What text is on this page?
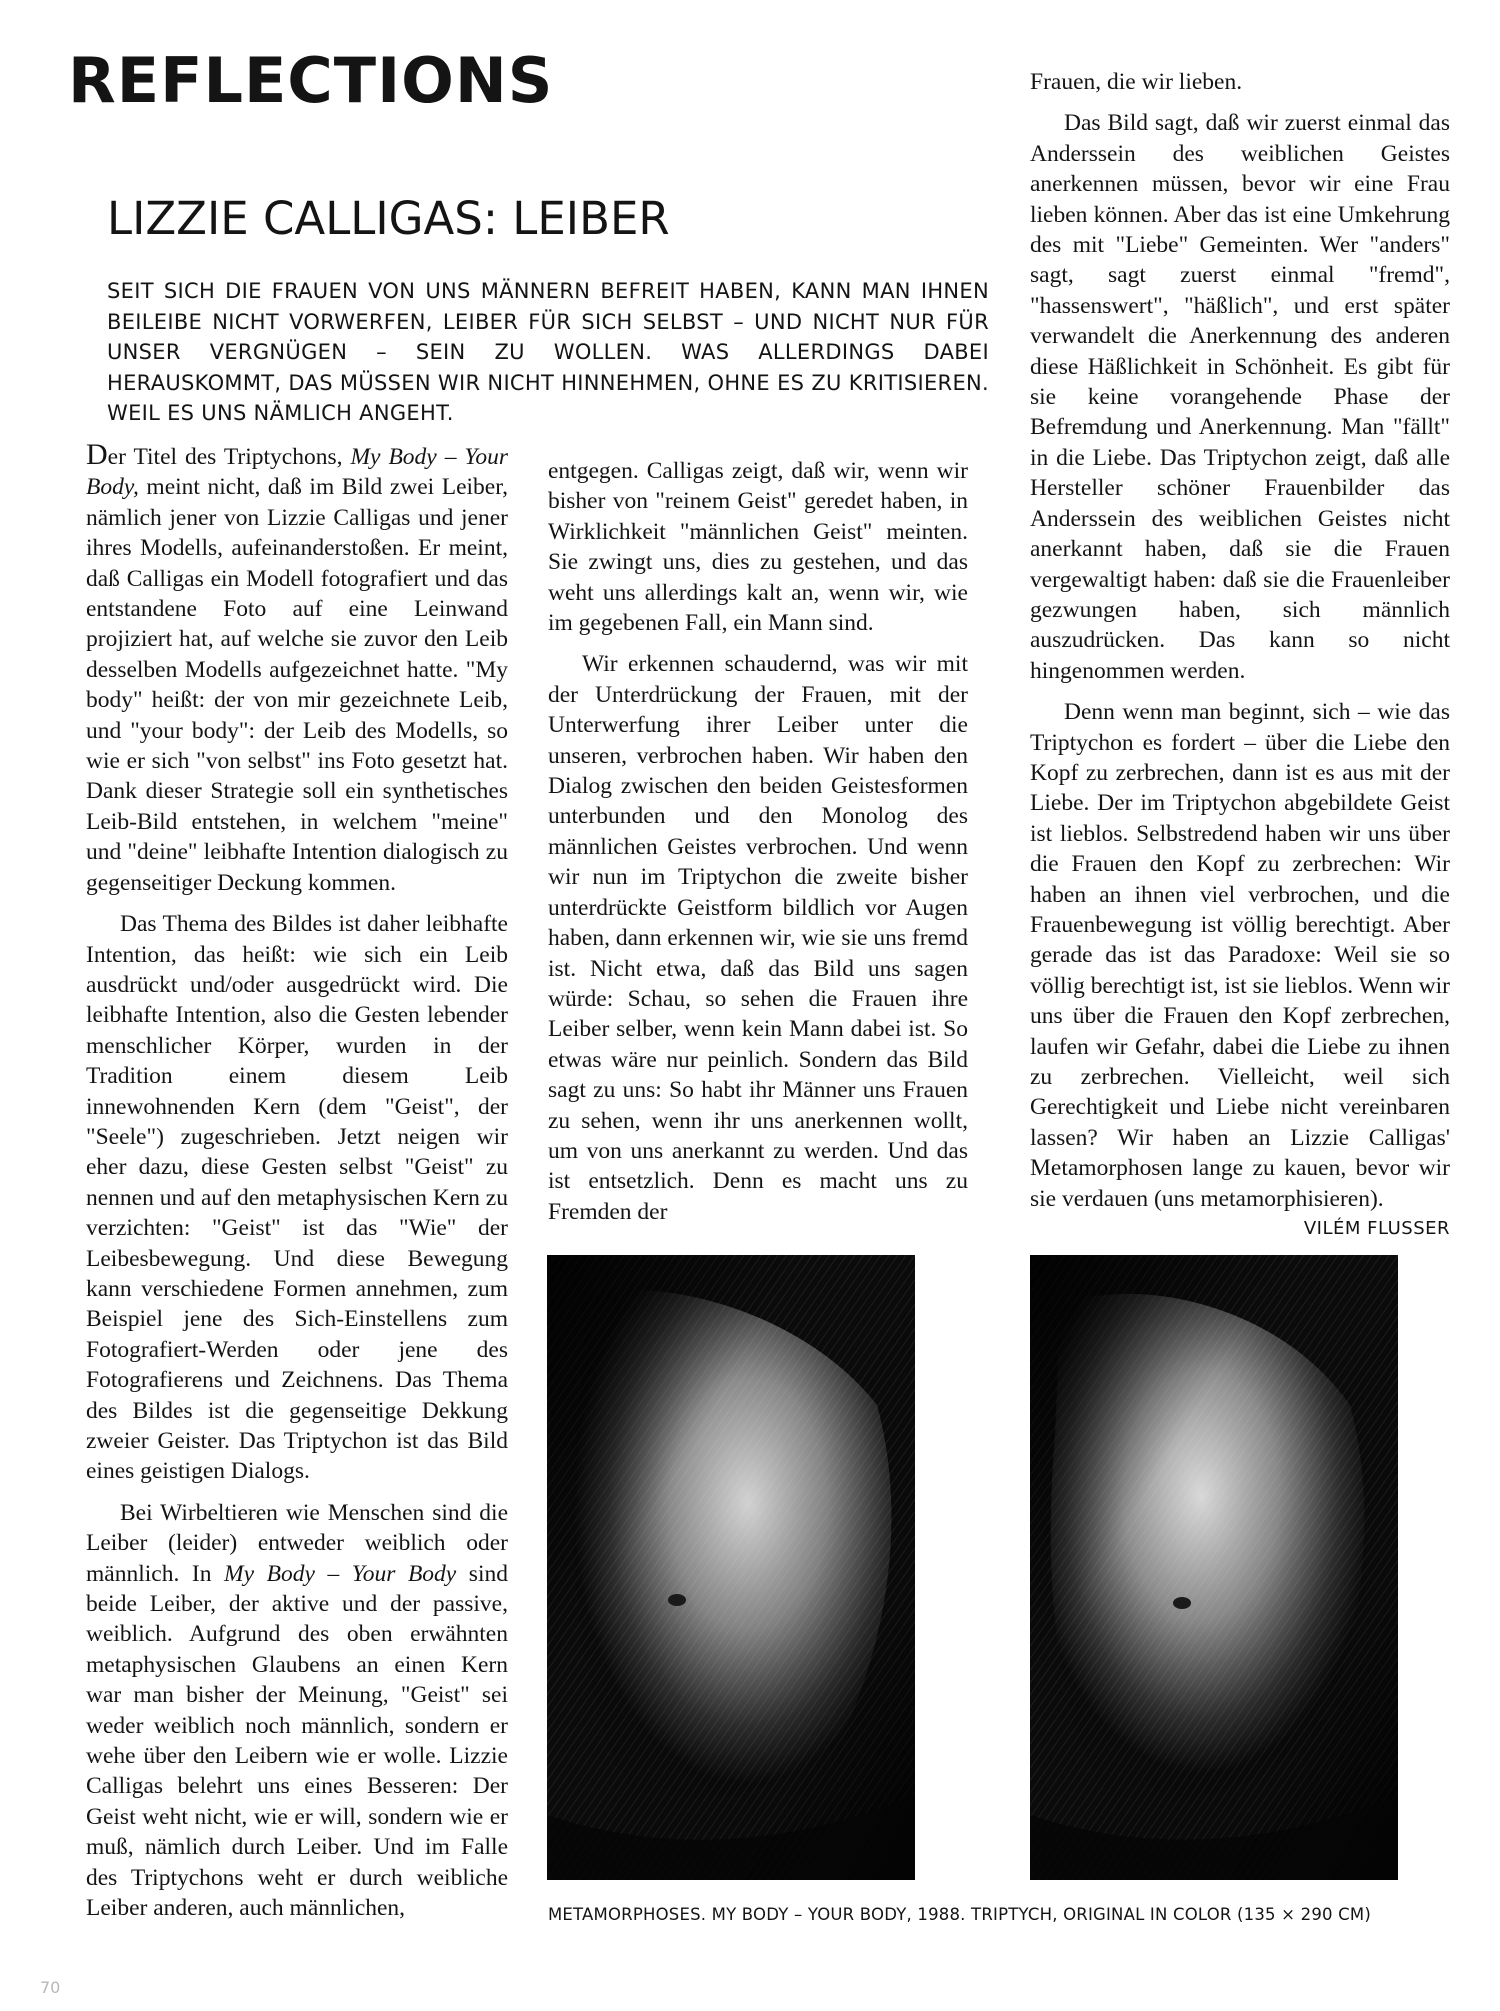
REFLECTIONS
LIZZIE CALLIGAS: LEIBER

SEIT SICH DIE FRAUEN VON UNS MÄNNERN BEFREIT HABEN, KANN MAN IHNEN BEILEIBE NICHT VORWERFEN, LEIBER FÜR SICH SELBST – UND NICHT NUR FÜR UNSER VERGNÜGEN – SEIN ZU WOLLEN. WAS ALLERDINGS DABEI HERAUSKOMMT, DAS MÜSSEN WIR NICHT HINNEHMEN, OHNE ES ZU KRITISIEREN. WEIL ES UNS NÄMLICH ANGEHT.

Der Titel des Triptychons, My Body – Your Body, meint nicht, daß im Bild zwei Leiber, nämlich jener von Lizzie Calligas und jener ihres Modells, aufeinanderstoßen. Er meint, daß Calligas ein Modell fotografiert und das entstandene Foto auf eine Leinwand projiziert hat, auf welche sie zuvor den Leib desselben Modells aufgezeichnet hatte. "My body" heißt: der von mir gezeichnete Leib, und "your body": der Leib des Modells, so wie er sich "von selbst" ins Foto gesetzt hat. Dank dieser Strategie soll ein synthetisches Leib-Bild entstehen, in welchem "meine" und "deine" leibhafte Intention dialogisch zu gegenseitiger Deckung kommen.

Das Thema des Bildes ist daher leibhafte Intention, das heißt: wie sich ein Leib ausdrückt und/oder ausgedrückt wird. Die leibhafte Intention, also die Gesten lebender menschlicher Körper, wurden in der Tradition einem diesem Leib innewohnenden Kern (dem "Geist", der "Seele") zugeschrieben. Jetzt neigen wir eher dazu, diese Gesten selbst "Geist" zu nennen und auf den metaphysischen Kern zu verzichten: "Geist" ist das "Wie" der Leibesbewegung. Und diese Bewegung kann verschiedene Formen annehmen, zum Beispiel jene des Sich-Einstellens zum Fotografiert-Werden oder jene des Fotografierens und Zeichnens. Das Thema des Bildes ist die gegenseitige Dekkung zweier Geister. Das Triptychon ist das Bild eines geistigen Dialogs.

Bei Wirbeltieren wie Menschen sind die Leiber (leider) entweder weiblich oder männlich. In My Body – Your Body sind beide Leiber, der aktive und der passive, weiblich. Aufgrund des oben erwähnten metaphysischen Glaubens an einen Kern war man bisher der Meinung, "Geist" sei weder weiblich noch männlich, sondern er wehe über den Leibern wie er wolle. Lizzie Calligas belehrt uns eines Besseren: Der Geist weht nicht, wie er will, sondern wie er muß, nämlich durch Leiber. Und im Falle des Triptychons weht er durch weibliche Leiber anderen, auch männlichen,

entgegen. Calligas zeigt, daß wir, wenn wir bisher von "reinem Geist" geredet haben, in Wirklichkeit "männlichen Geist" meinten. Sie zwingt uns, dies zu gestehen, und das weht uns allerdings kalt an, wenn wir, wie im gegebenen Fall, ein Mann sind.

Wir erkennen schaudernd, was wir mit der Unterdrückung der Frauen, mit der Unterwerfung ihrer Leiber unter die unseren, verbrochen haben. Wir haben den Dialog zwischen den beiden Geistesformen unterbunden und den Monolog des männlichen Geistes verbrochen. Und wenn wir nun im Triptychon die zweite bisher unterdrückte Geistform bildlich vor Augen haben, dann erkennen wir, wie sie uns fremd ist. Nicht etwa, daß das Bild uns sagen würde: Schau, so sehen die Frauen ihre Leiber selber, wenn kein Mann dabei ist. So etwas wäre nur peinlich. Sondern das Bild sagt zu uns: So habt ihr Männer uns Frauen zu sehen, wenn ihr uns anerkennen wollt, um von uns anerkannt zu werden. Und das ist entsetzlich. Denn es macht uns zu Fremden der

Frauen, die wir lieben.

Das Bild sagt, daß wir zuerst einmal das Anderssein des weiblichen Geistes anerkennen müssen, bevor wir eine Frau lieben können. Aber das ist eine Umkehrung des mit "Liebe" Gemeinten. Wer "anders" sagt, sagt zuerst einmal "fremd", "hassenswert", "häßlich", und erst später verwandelt die Anerkennung des anderen diese Häßlichkeit in Schönheit. Es gibt für sie keine vorangehende Phase der Befremdung und Anerkennung. Man "fällt" in die Liebe. Das Triptychon zeigt, daß alle Hersteller schöner Frauenbilder das Anderssein des weiblichen Geistes nicht anerkannt haben, daß sie die Frauen vergewaltigt haben: daß sie die Frauenleiber gezwungen haben, sich männlich auszudrücken. Das kann so nicht hingenommen werden.

Denn wenn man beginnt, sich – wie das Triptychon es fordert – über die Liebe den Kopf zu zerbrechen, dann ist es aus mit der Liebe. Der im Triptychon abgebildete Geist ist lieblos. Selbstredend haben wir uns über die Frauen den Kopf zu zerbrechen: Wir haben an ihnen viel verbrochen, und die Frauenbewegung ist völlig berechtigt. Aber gerade das ist das Paradoxe: Weil sie so völlig berechtigt ist, ist sie lieblos. Wenn wir uns über die Frauen den Kopf zerbrechen, laufen wir Gefahr, dabei die Liebe zu ihnen zu zerbrechen. Vielleicht, weil sich Gerechtigkeit und Liebe nicht vereinbaren lassen? Wir haben an Lizzie Calligas' Metamorphosen lange zu kauen, bevor wir sie verdauen (uns metamorphisieren).
VILÉM FLUSSER

METAMORPHOSES. MY BODY – YOUR BODY, 1988. TRIPTYCH, ORIGINAL IN COLOR (135 × 290 CM)

70
